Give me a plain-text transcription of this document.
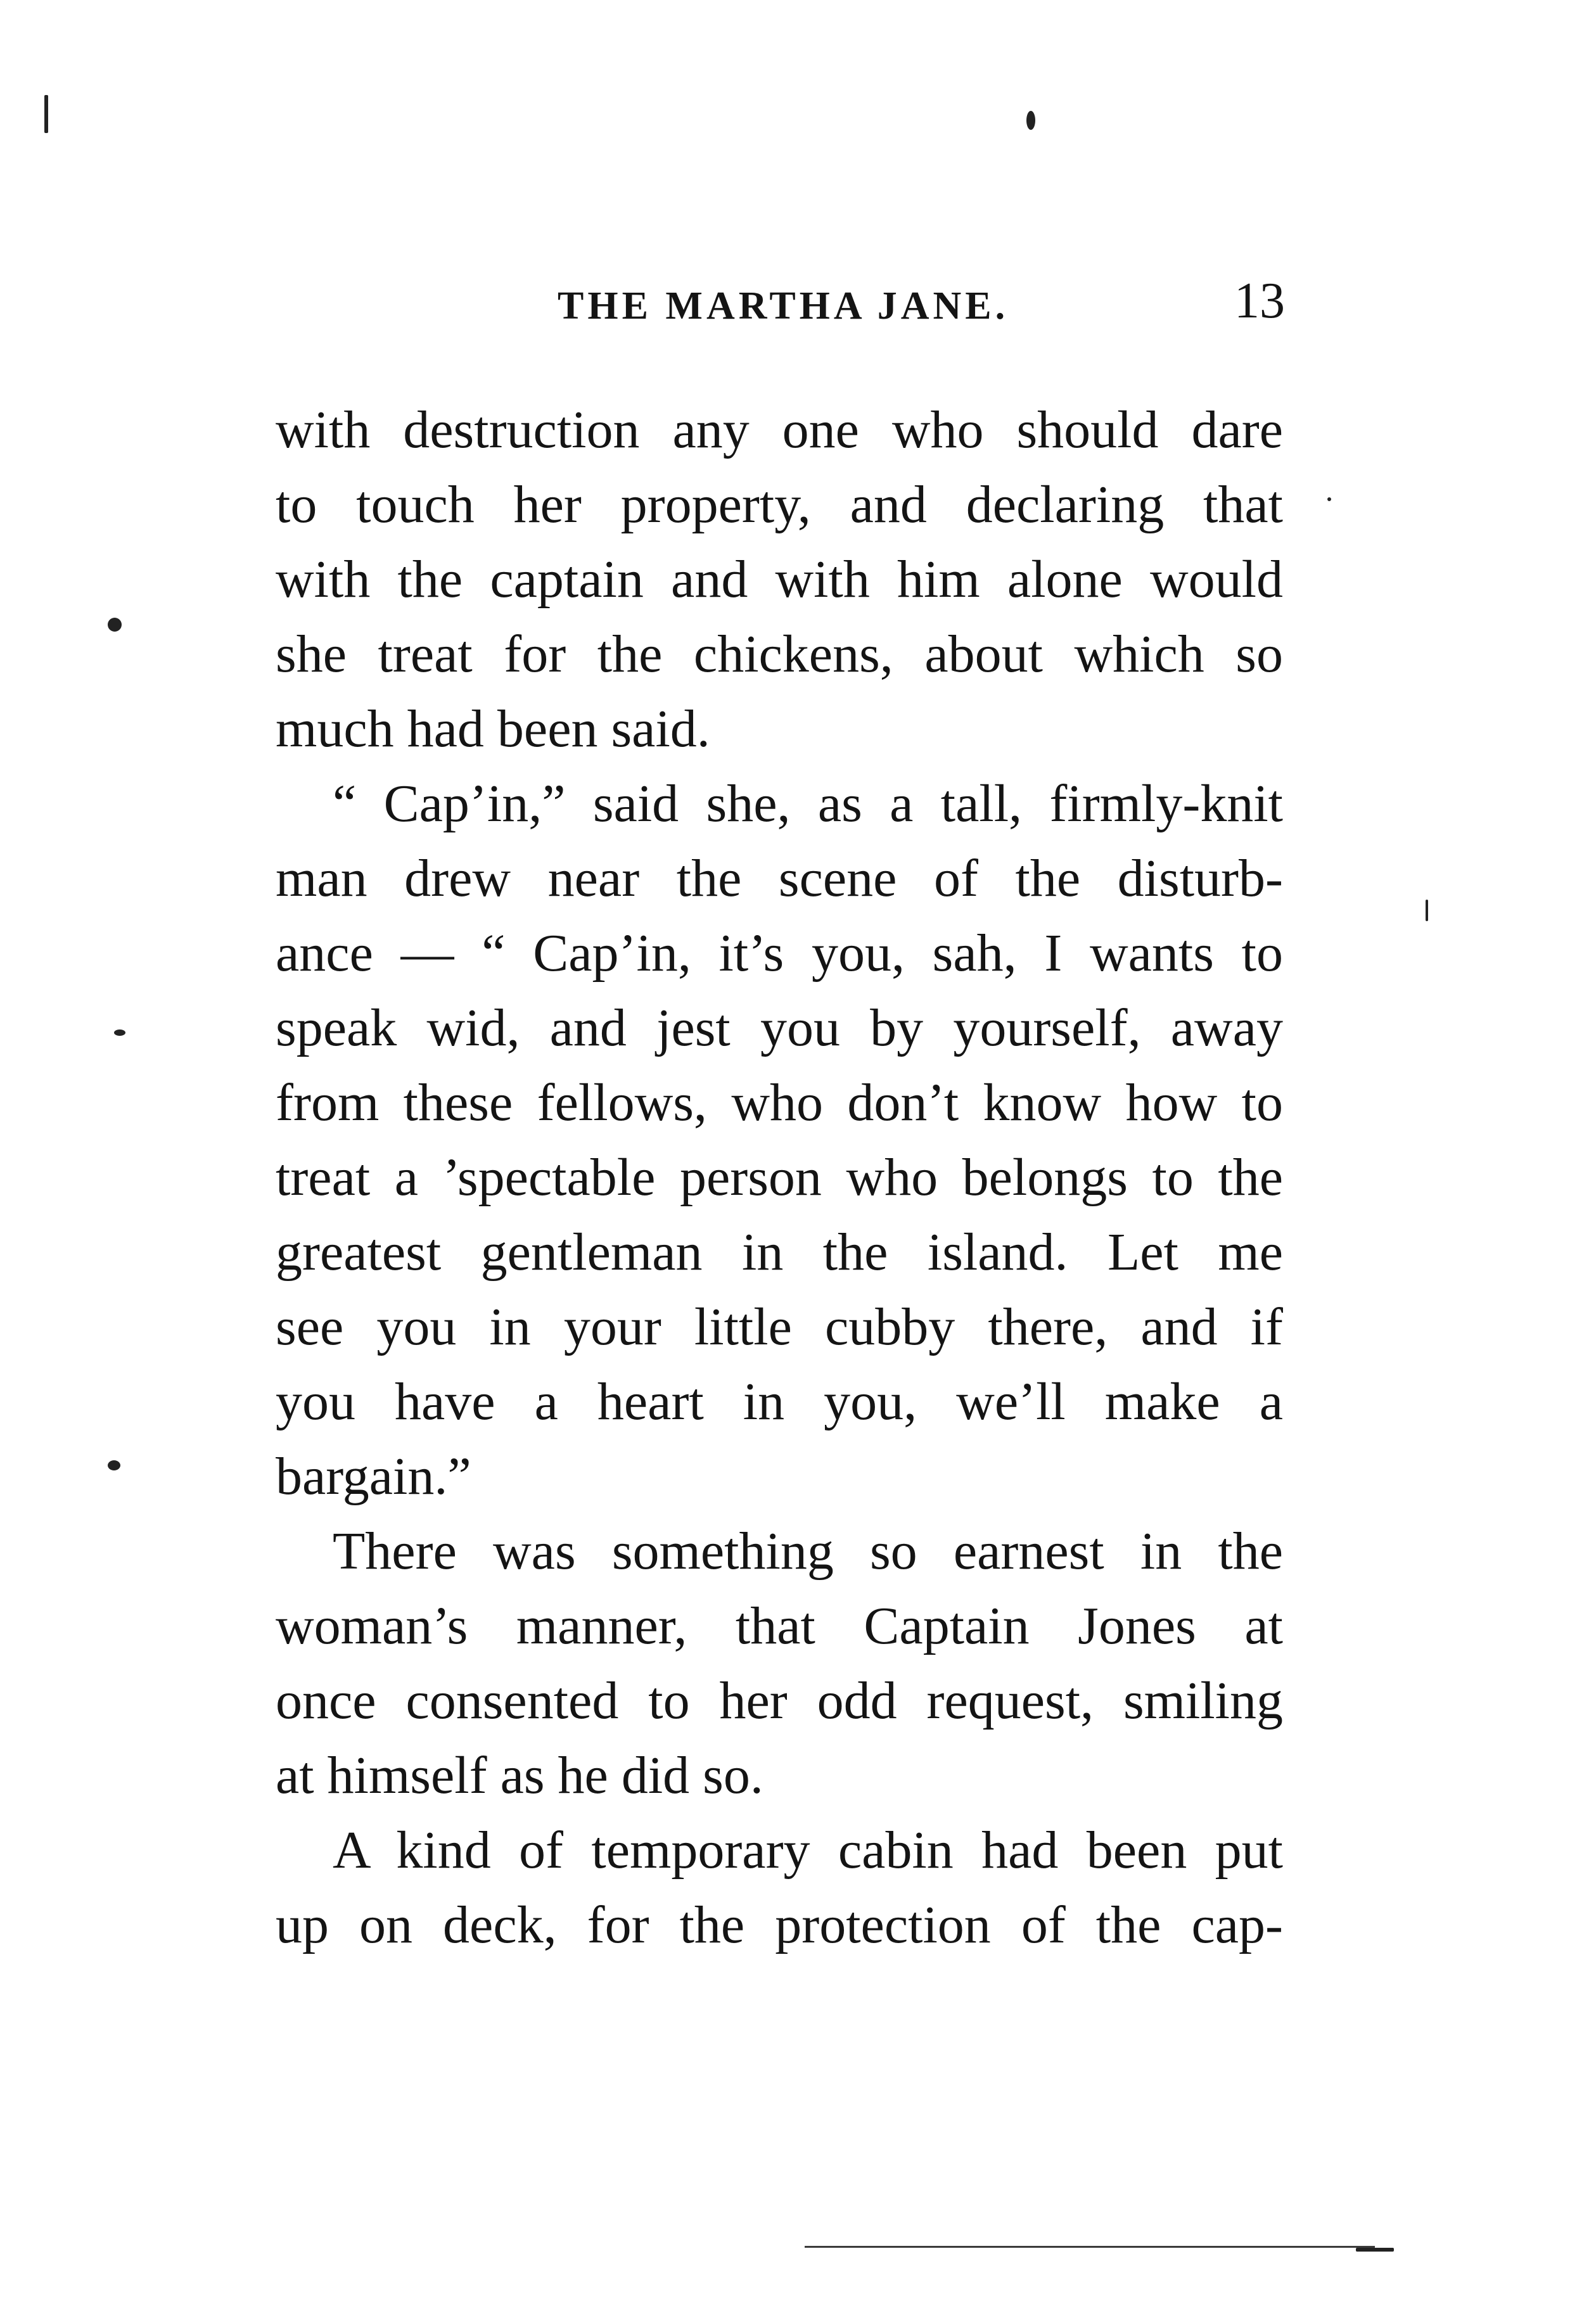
THE MARTHA JANE.	13
with destruction any one who should dare
to touch her property, and declaring that
with the captain and with him alone would
she treat for the chickens, about which so
much had been said.
“ Cap’in,” said she, as a tall, firmly-knit
man drew near the scene of the disturb-
ance — “ Cap’in, it’s you, sah, I wants to
speak wid, and jest you by yourself, away
from these fellows, who don’t know how to
treat a ’spectable person who belongs to the
greatest gentleman in the island. Let me
see you in your little cubby there, and if
you have a heart in you, we’ll make a
bargain.”
There was something so earnest in the
woman’s manner, that Captain Jones at
once consented to her odd request, smiling
at himself as he did so.
A kind of temporary cabin had been put
up on deck, for the protection of the cap-
